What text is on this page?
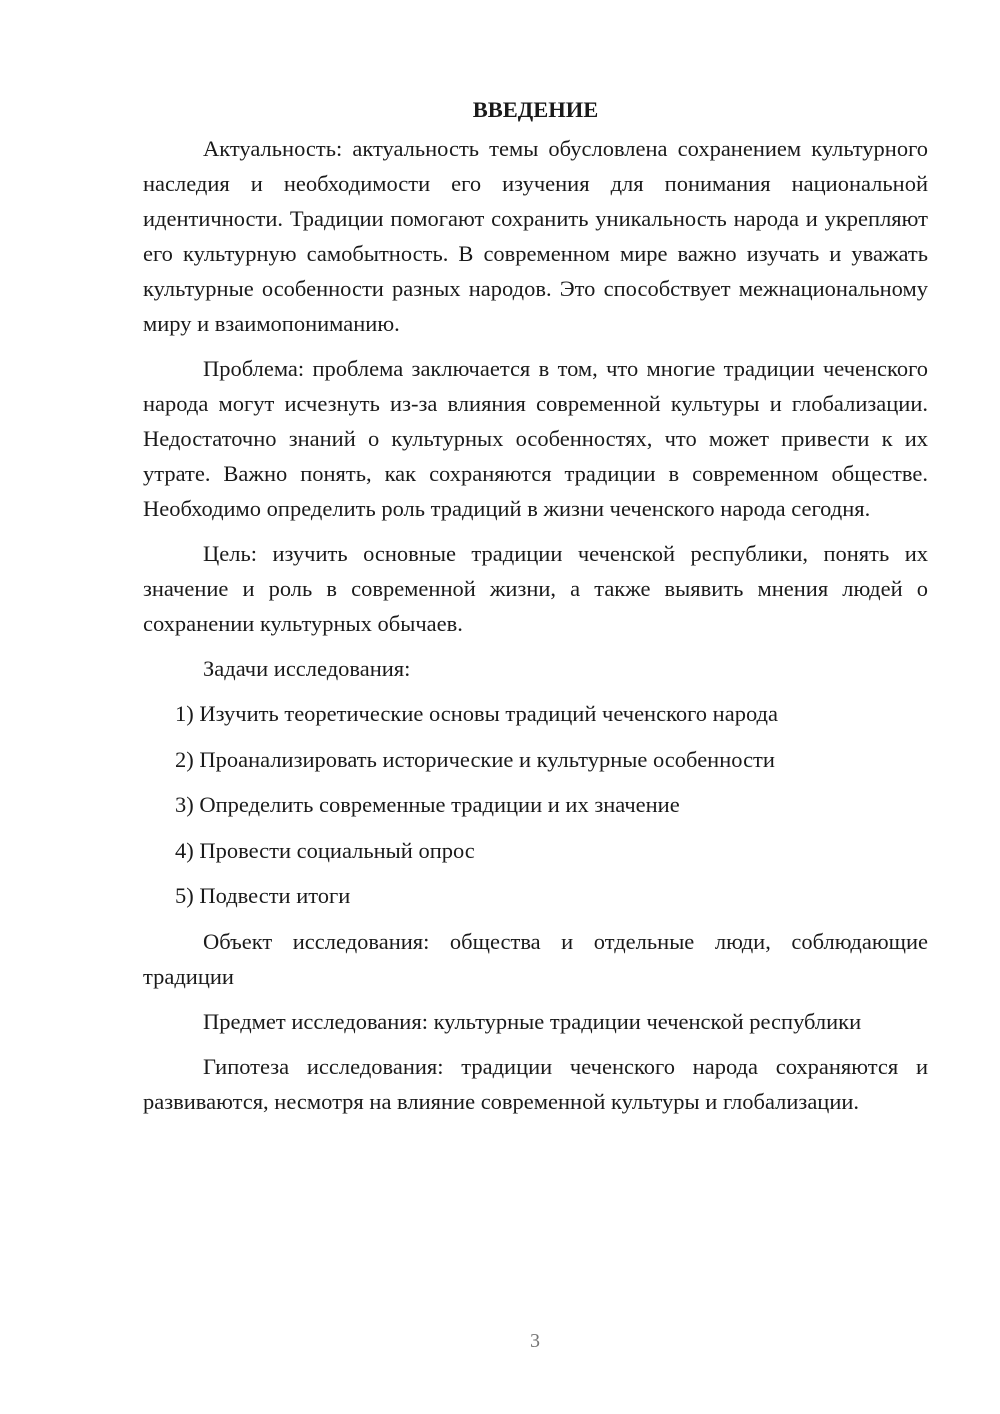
ВВЕДЕНИЕ

Актуальность: актуальность темы обусловлена сохранением культурного наследия и необходимости его изучения для понимания национальной идентичности. Традиции помогают сохранить уникальность народа и укрепляют его культурную самобытность. В современном мире важно изучать и уважать культурные особенности разных народов. Это способствует межнациональному миру и взаимопониманию.

Проблема: проблема заключается в том, что многие традиции чеченского народа могут исчезнуть из-за влияния современной культуры и глобализации. Недостаточно знаний о культурных особенностях, что может привести к их утрате. Важно понять, как сохраняются традиции в современном обществе. Необходимо определить роль традиций в жизни чеченского народа сегодня.

Цель: изучить основные традиции чеченской республики, понять их значение и роль в современной жизни, а также выявить мнения людей о сохранении культурных обычаев.

Задачи исследования:

1) Изучить теоретические основы традиций чеченского народа
2) Проанализировать исторические и культурные особенности
3) Определить современные традиции и их значение
4) Провести социальный опрос
5) Подвести итоги

Объект исследования: общества и отдельные люди, соблюдающие традиции

Предмет исследования: культурные традиции чеченской республики

Гипотеза исследования: традиции чеченского народа сохраняются и развиваются, несмотря на влияние современной культуры и глобализации.

3
